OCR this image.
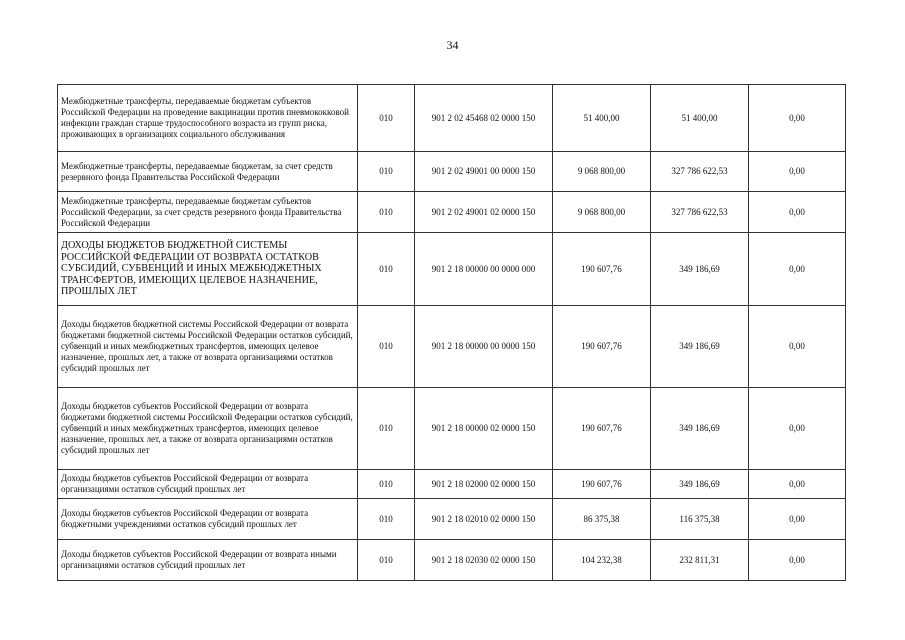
34
Межбюджетные трансферты, передаваемые бюджетам субъектов Российской Федерации на проведение вакцинации против пневмококковой инфекции граждан старше трудоспособного возраста из групп риска, проживающих в организациях социального обслуживания	010	901 2 02 45468 02 0000 150	51 400,00	51 400,00	0,00
Межбюджетные трансферты, передаваемые бюджетам, за счет средств резервного фонда Правительства Российской Федерации	010	901 2 02 49001 00 0000 150	9 068 800,00	327 786 622,53	0,00
Межбюджетные трансферты, передаваемые бюджетам субъектов Российской Федерации, за счет средств резервного фонда Правительства Российской Федерации	010	901 2 02 49001 02 0000 150	9 068 800,00	327 786 622,53	0,00
ДОХОДЫ БЮДЖЕТОВ БЮДЖЕТНОЙ СИСТЕМЫ РОССИЙСКОЙ ФЕДЕРАЦИИ ОТ ВОЗВРАТА ОСТАТКОВ СУБСИДИЙ, СУБВЕНЦИЙ И ИНЫХ МЕЖБЮДЖЕТНЫХ ТРАНСФЕРТОВ, ИМЕЮЩИХ ЦЕЛЕВОЕ НАЗНАЧЕНИЕ, ПРОШЛЫХ ЛЕТ	010	901 2 18 00000 00 0000 000	190 607,76	349 186,69	0,00
Доходы бюджетов бюджетной системы Российской Федерации от возврата бюджетами бюджетной системы Российской Федерации остатков субсидий, субвенций и иных межбюджетных трансфертов, имеющих целевое назначение, прошлых лет, а также от возврата организациями остатков субсидий прошлых лет	010	901 2 18 00000 00 0000 150	190 607,76	349 186,69	0,00
Доходы бюджетов субъектов Российской Федерации от возврата бюджетами бюджетной системы Российской Федерации остатков субсидий, субвенций и иных межбюджетных трансфертов, имеющих целевое назначение, прошлых лет, а также от возврата организациями остатков субсидий прошлых лет	010	901 2 18 00000 02 0000 150	190 607,76	349 186,69	0,00
Доходы бюджетов субъектов Российской Федерации от возврата организациями остатков субсидий прошлых лет	010	901 2 18 02000 02 0000 150	190 607,76	349 186,69	0,00
Доходы бюджетов субъектов Российской Федерации от возврата бюджетными учреждениями остатков субсидий прошлых лет	010	901 2 18 02010 02 0000 150	86 375,38	116 375,38	0,00
Доходы бюджетов субъектов Российской Федерации от возврата иными организациями остатков субсидий прошлых лет	010	901 2 18 02030 02 0000 150	104 232,38	232 811,31	0,00
